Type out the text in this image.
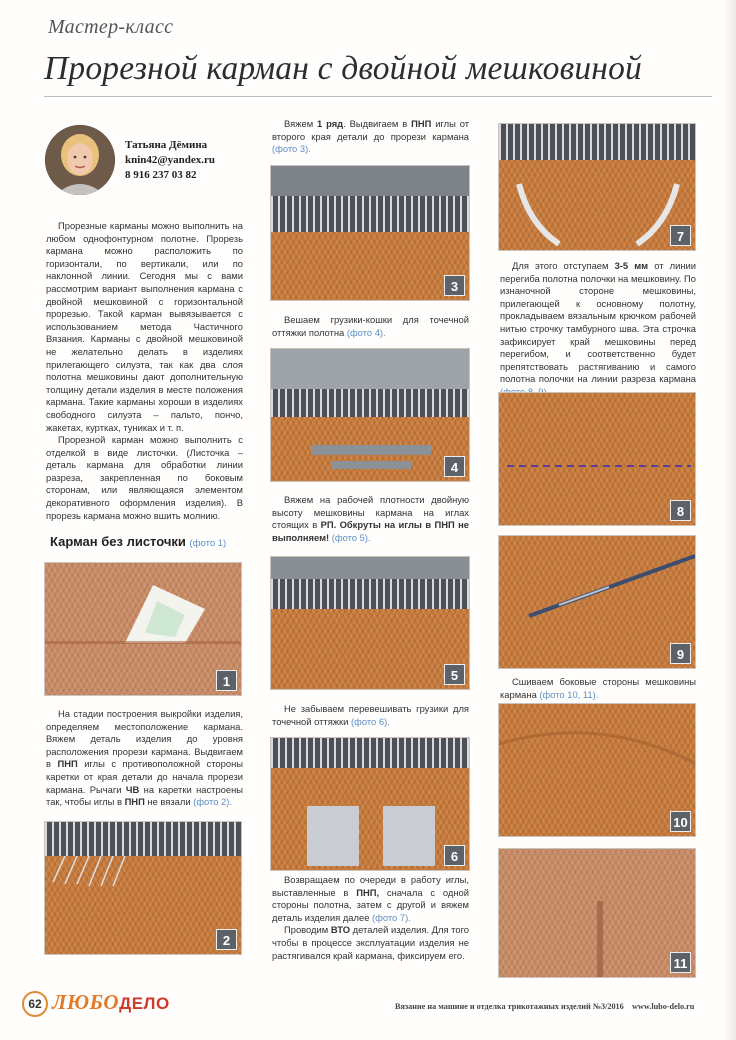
Мастер-класс
Прорезной карман с двойной мешковиной
Татьяна Дёмина
knin42@yandex.ru
8 916 237 03 82

Прорезные карманы можно выполнить на любом однофонтурном полотне. Прорезь кармана можно расположить по горизонтали, по вертикали, или по наклонной линии. Сегодня мы с вами рассмотрим вариант выполнения кармана с двойной мешковиной с горизонтальной прорезью. Такой карман вывязывается с использованием метода Частичного Вязания. Карманы с двойной мешковиной не желательно делать в изделиях прилегающего силуэта, так как два слоя полотна мешковины дают дополнительную толщину детали изделия в месте положения кармана. Такие карманы хороши в изделиях свободного силуэта – пальто, пончо, жакетах, куртках, туниках и т. п.

Прорезной карман можно выполнить с отделкой в виде листочки. (Листочка – деталь кармана для обработки линии разреза, закрепленная по боковым сторонам, или являющаяся элементом декоративного оформления изделия). В прорезь кармана можно вшить молнию.

Карман без листочки (фото 1)
1

На стадии построения выкройки изделия, определяем местоположение кармана. Вяжем деталь изделия до уровня расположения прорези кармана. Выдвигаем в ПНП иглы с противоположной стороны каретки от края детали до начала прорези кармана. Рычаги ЧВ на каретки настроены так, чтобы иглы в ПНП не вязали (фото 2).

2

Вяжем 1 ряд. Выдвигаем в ПНП иглы от второго края детали до прорези кармана (фото 3).

3

Вешаем грузики-кошки для точечной оттяжки полотна (фото 4).

4

Вяжем на рабочей плотности двойную высоту мешковины кармана на иглах стоящих в РП. Обкруты на иглы в ПНП не выполняем! (фото 5).

5

Не забываем перевешивать грузики для точечной оттяжки (фото 6).

6

Возвращаем по очереди в работу иглы, выставленные в ПНП, сначала с одной стороны полотна, затем с другой и вяжем деталь изделия далее (фото 7).

Проводим ВТО деталей изделия. Для того чтобы в процессе эксплуатации изделия не растягивался край кармана, фиксируем его.

7

Для этого отступаем 3-5 мм от линии перегиба полотна полочки на мешковину. По изнаночной стороне мешковины, прилегающей к основному полотну, прокладываем вязальным крючком рабочей нитью строчку тамбурного шва. Эта строчка зафиксирует край мешковины перед перегибом, и соответственно будет препятствовать растягиванию и самого полотна полочки на линии разреза кармана

8
9

Сшиваем боковые стороны мешковины кармана (фото 10, 11).

10
11
62 ЛЮБОДЕЛО	Вязание на машине и отделка трикотажных изделий №3/2016 www.lubo-delo.ru
